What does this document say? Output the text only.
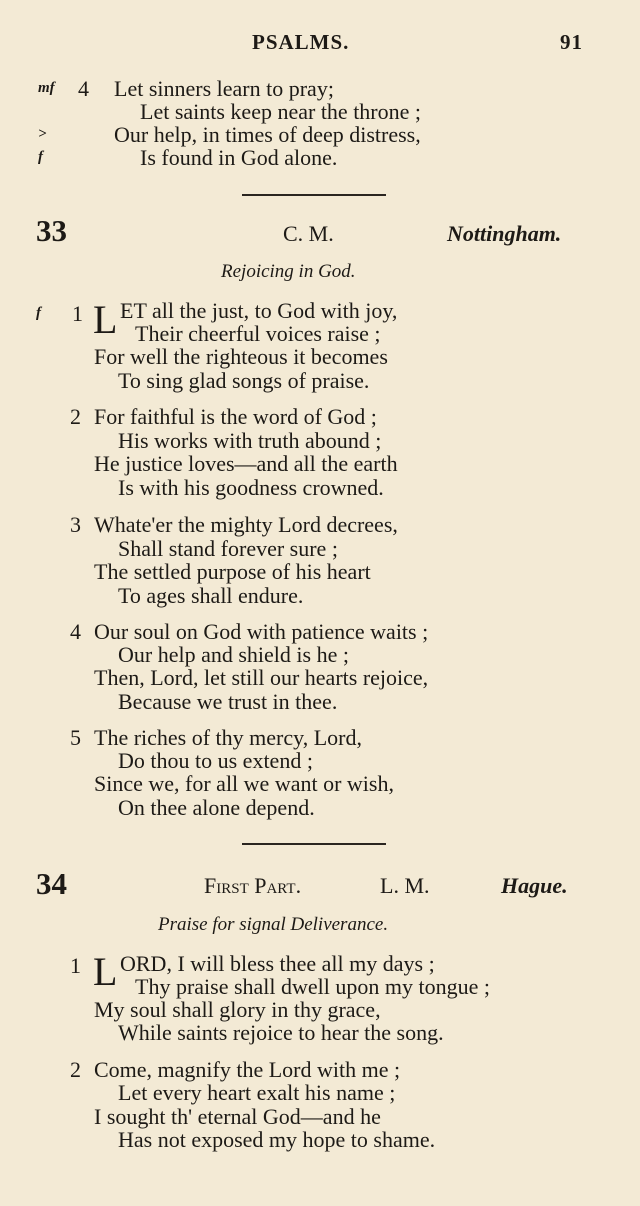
PSALMS.	91
mf 4 Let sinners learn to pray;
Let saints keep near the throne ;
>	Our help, in times of deep distress,
f	Is found in God alone.
33	C. M.	Nottingham.
Rejoicing in God.
f 1 L ET all the just, to God with joy,
Their cheerful voices raise ;
For well the righteous it becomes
To sing glad songs of praise.
2 For faithful is the word of God ;
His works with truth abound ;
He justice loves—and all the earth
Is with his goodness crowned.
3 Whate'er the mighty Lord decrees,
Shall stand forever sure ;
The settled purpose of his heart
To ages shall endure.
4 Our soul on God with patience waits ;
Our help and shield is he ;
Then, Lord, let still our hearts rejoice,
Because we trust in thee.
5 The riches of thy mercy, Lord,
Do thou to us extend ;
Since we, for all we want or wish,
On thee alone depend.
34	First Part.	L. M.	Hague.
Praise for signal Deliverance.
1 L ORD, I will bless thee all my days ;
Thy praise shall dwell upon my tongue ;
My soul shall glory in thy grace,
While saints rejoice to hear the song.
2 Come, magnify the Lord with me ;
Let every heart exalt his name ;
I sought th' eternal God—and he
Has not exposed my hope to shame.
